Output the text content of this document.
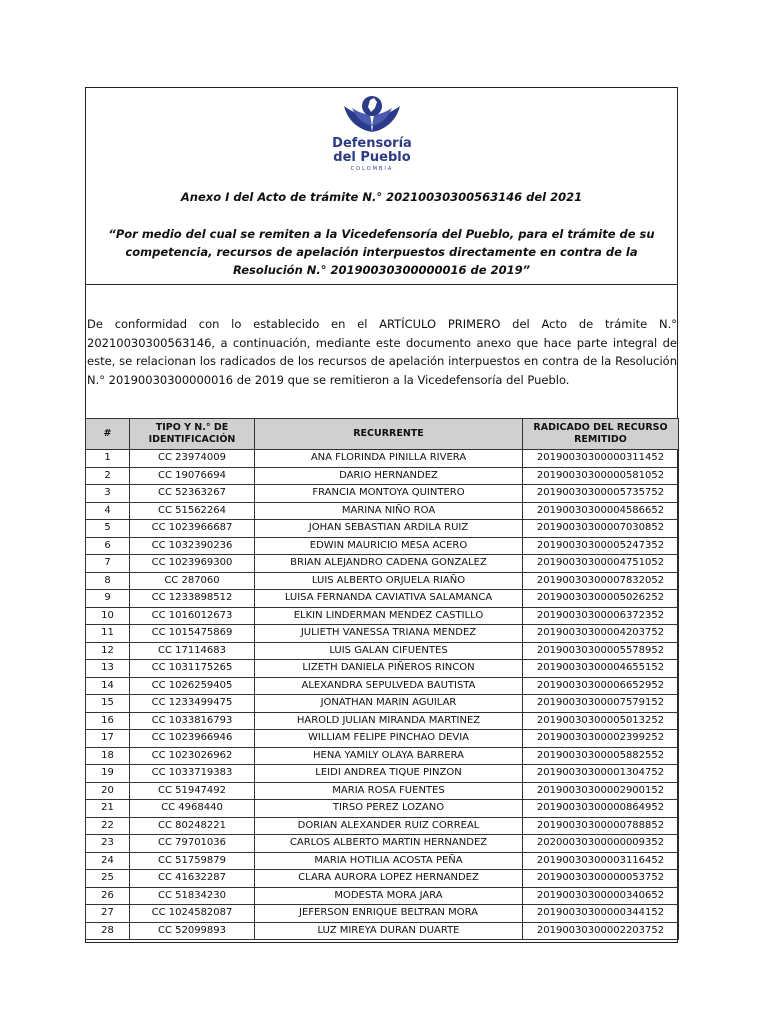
Defensoría
del Pueblo
COLOMBIA
Anexo I del Acto de trámite N.° 20210030300563146 del 2021
“Por medio del cual se remiten a la Vicedefensoría del Pueblo, para el trámite de su competencia, recursos de apelación interpuestos directamente en contra de la Resolución N.° 20190030300000016 de 2019”
De conformidad con lo establecido en el ARTÍCULO PRIMERO del Acto de trámite N.° 20210030300563146, a continuación, mediante este documento anexo que hace parte integral de este, se relacionan los radicados de los recursos de apelación interpuestos en contra de la Resolución N.° 20190030300000016 de 2019 que se remitieron a la Vicedefensoría del Pueblo.
#	TIPO Y N.° DE IDENTIFICACIÓN	RECURRENTE	RADICADO DEL RECURSO REMITIDO
1	CC 23974009	ANA FLORINDA PINILLA RIVERA	20190030300000311452
2	CC 19076694	DARIO HERNANDEZ	20190030300000581052
3	CC 52363267	FRANCIA MONTOYA QUINTERO	20190030300005735752
4	CC 51562264	MARINA NIÑO ROA	20190030300004586652
5	CC 1023966687	JOHAN SEBASTIAN ARDILA RUIZ	20190030300007030852
6	CC 1032390236	EDWIN MAURICIO MESA ACERO	20190030300005247352
7	CC 1023969300	BRIAN ALEJANDRO CADENA GONZALEZ	20190030300004751052
8	CC 287060	LUIS ALBERTO ORJUELA RIAÑO	20190030300007832052
9	CC 1233898512	LUISA FERNANDA CAVIATIVA SALAMANCA	20190030300005026252
10	CC 1016012673	ELKIN LINDERMAN MENDEZ CASTILLO	20190030300006372352
11	CC 1015475869	JULIETH VANESSA TRIANA MENDEZ	20190030300004203752
12	CC 17114683	LUIS GALAN CIFUENTES	20190030300005578952
13	CC 1031175265	LIZETH DANIELA PIÑEROS RINCON	20190030300004655152
14	CC 1026259405	ALEXANDRA SEPULVEDA BAUTISTA	20190030300006652952
15	CC 1233499475	JONATHAN MARIN AGUILAR	20190030300007579152
16	CC 1033816793	HAROLD JULIAN MIRANDA MARTINEZ	20190030300005013252
17	CC 1023966946	WILLIAM FELIPE PINCHAO DEVIA	20190030300002399252
18	CC 1023026962	HENA YAMILY OLAYA BARRERA	20190030300005882552
19	CC 1033719383	LEIDI ANDREA TIQUE PINZON	20190030300001304752
20	CC 51947492	MARIA ROSA FUENTES	20190030300002900152
21	CC 4968440	TIRSO PEREZ LOZANO	20190030300000864952
22	CC 80248221	DORIAN ALEXANDER RUIZ CORREAL	20190030300000788852
23	CC 79701036	CARLOS ALBERTO MARTIN HERNANDEZ	20200030300000009352
24	CC 51759879	MARIA HOTILIA ACOSTA PEÑA	20190030300003116452
25	CC 41632287	CLARA AURORA LOPEZ HERNANDEZ	20190030300000053752
26	CC 51834230	MODESTA MORA JARA	20190030300000340652
27	CC 1024582087	JEFERSON ENRIQUE BELTRAN MORA	20190030300000344152
28	CC 52099893	LUZ MIREYA DURAN DUARTE	20190030300002203752
